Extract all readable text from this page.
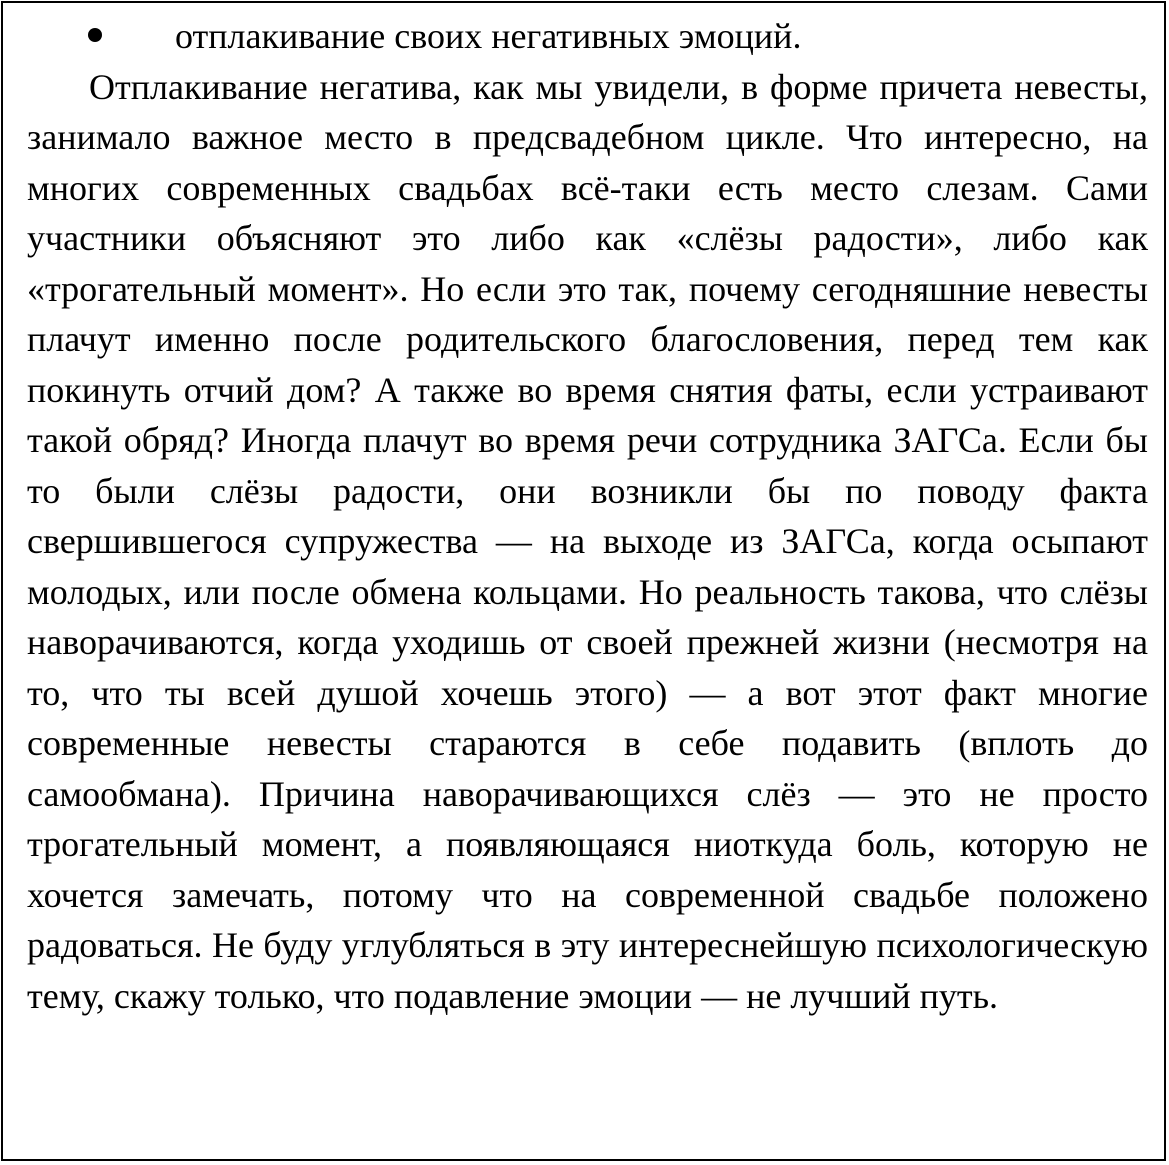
отплакивание своих негативных эмоций.

Отплакивание негатива, как мы увидели, в форме причета невесты, занимало важное место в предсвадебном цикле. Что интересно, на многих современных свадьбах всё-таки есть место слезам. Сами участники объясняют это либо как «слёзы радости», либо как «трогательный момент». Но если это так, почему сегодняшние невесты плачут именно после родительского благословения, перед тем как покинуть отчий дом? А также во время снятия фаты, если устраивают такой обряд? Иногда плачут во время речи сотрудника ЗАГСа. Если бы то были слёзы радости, они возникли бы по поводу факта свершившегося супружества — на выходе из ЗАГСа, когда осыпают молодых, или после обмена кольцами. Но реальность такова, что слёзы наворачиваются, когда уходишь от своей прежней жизни (несмотря на то, что ты всей душой хочешь этого) — а вот этот факт многие современные невесты стараются в себе подавить (вплоть до самообмана). Причина наворачивающихся слёз — это не просто трогательный момент, а появляющаяся ниоткуда боль, которую не хочется замечать, потому что на современной свадьбе положено радоваться. Не буду углубляться в эту интереснейшую психологическую тему, скажу только, что подавление эмоции — не лучший путь.
